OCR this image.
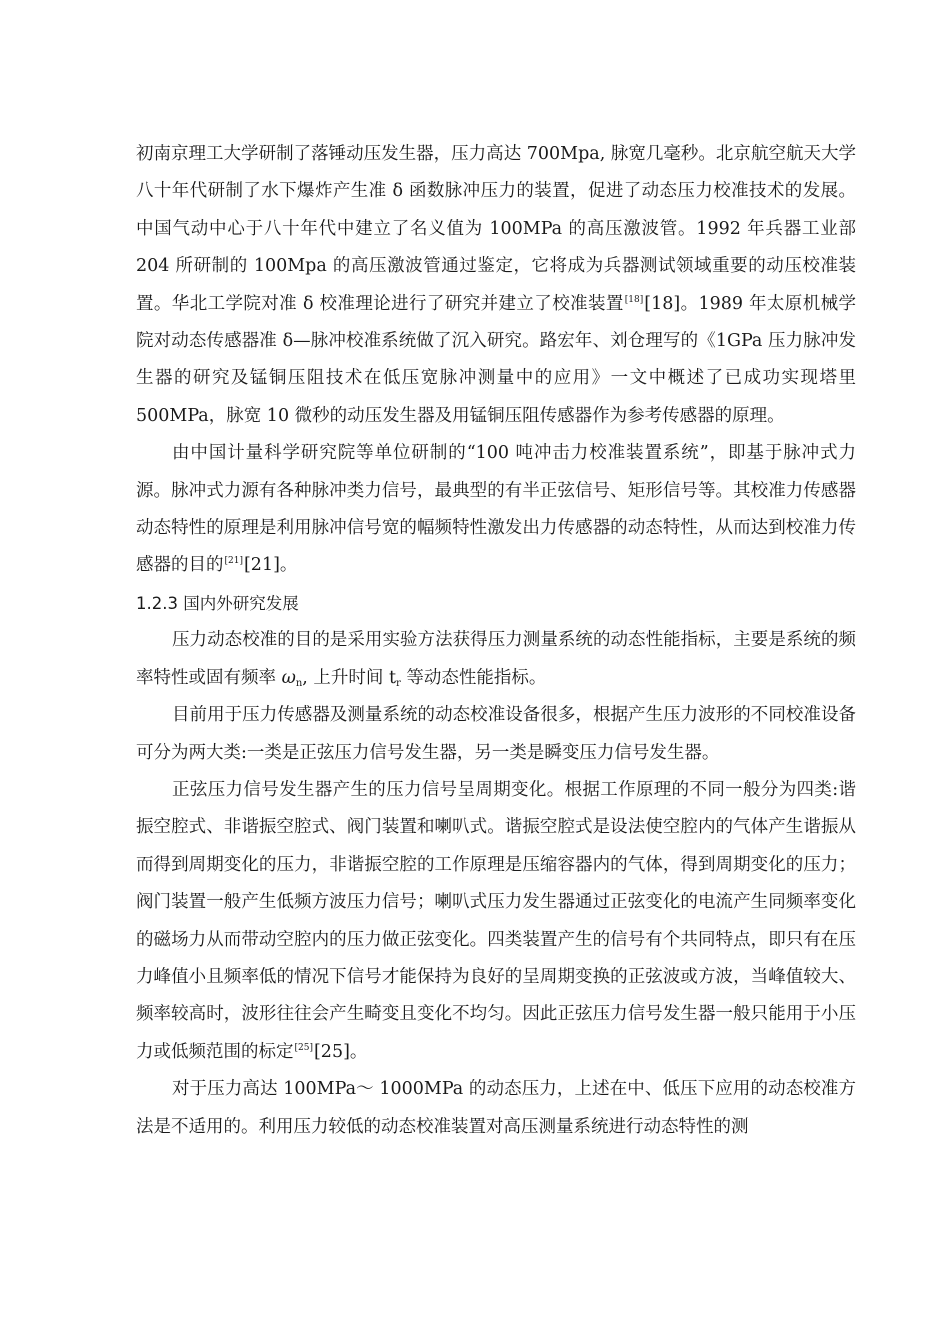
初南京理工大学研制了落锤动压发生器，压力高达 700Mpa, 脉宽几毫秒。北京航空航天大学八十年代研制了水下爆炸产生准 δ 函数脉冲压力的装置，促进了动态压力校准技术的发展。中国气动中心于八十年代中建立了名义值为 100MPa 的高压激波管。1992 年兵器工业部 204 所研制的 100Mpa 的高压激波管通过鉴定，它将成为兵器测试领域重要的动压校准装置。华北工学院对准 δ 校准理论进行了研究并建立了校准装置[18][18]。1989 年太原机械学院对动态传感器准 δ—脉冲校准系统做了沉入研究。路宏年、刘仓理写的《1GPa 压力脉冲发生器的研究及锰铜压阻技术在低压宽脉冲测量中的应用》一文中概述了已成功实现塔里 500MPa，脉宽 10 微秒的动压发生器及用锰铜压阻传感器作为参考传感器的原理。

由中国计量科学研究院等单位研制的“100 吨冲击力校准装置系统”，即基于脉冲式力源。脉冲式力源有各种脉冲类力信号，最典型的有半正弦信号、矩形信号等。其校准力传感器动态特性的原理是利用脉冲信号宽的幅频特性激发出力传感器的动态特性，从而达到校准力传感器的目的[21][21]。

1.2.3 国内外研究发展

压力动态校准的目的是采用实验方法获得压力测量系统的动态性能指标，主要是系统的频率特性或固有频率 $\omega_n$, 上升时间 $t_r$ 等动态性能指标。

目前用于压力传感器及测量系统的动态校准设备很多，根据产生压力波形的不同校准设备可分为两大类:一类是正弦压力信号发生器，另一类是瞬变压力信号发生器。

正弦压力信号发生器产生的压力信号呈周期变化。根据工作原理的不同一般分为四类:谐振空腔式、非谐振空腔式、阀门装置和喇叭式。谐振空腔式是设法使空腔内的气体产生谐振从而得到周期变化的压力，非谐振空腔的工作原理是压缩容器内的气体，得到周期变化的压力；阀门装置一般产生低频方波压力信号；喇叭式压力发生器通过正弦变化的电流产生同频率变化的磁场力从而带动空腔内的压力做正弦变化。四类装置产生的信号有个共同特点，即只有在压力峰值小且频率低的情况下信号才能保持为良好的呈周期变换的正弦波或方波，当峰值较大、频率较高时，波形往往会产生畸变且变化不均匀。因此正弦压力信号发生器一般只能用于小压力或低频范围的标定[25][25]。

对于压力高达 100MPa～ 1000MPa 的动态压力，上述在中、低压下应用的动态校准方法是不适用的。利用压力较低的动态校准装置对高压测量系统进行动态特性的测
